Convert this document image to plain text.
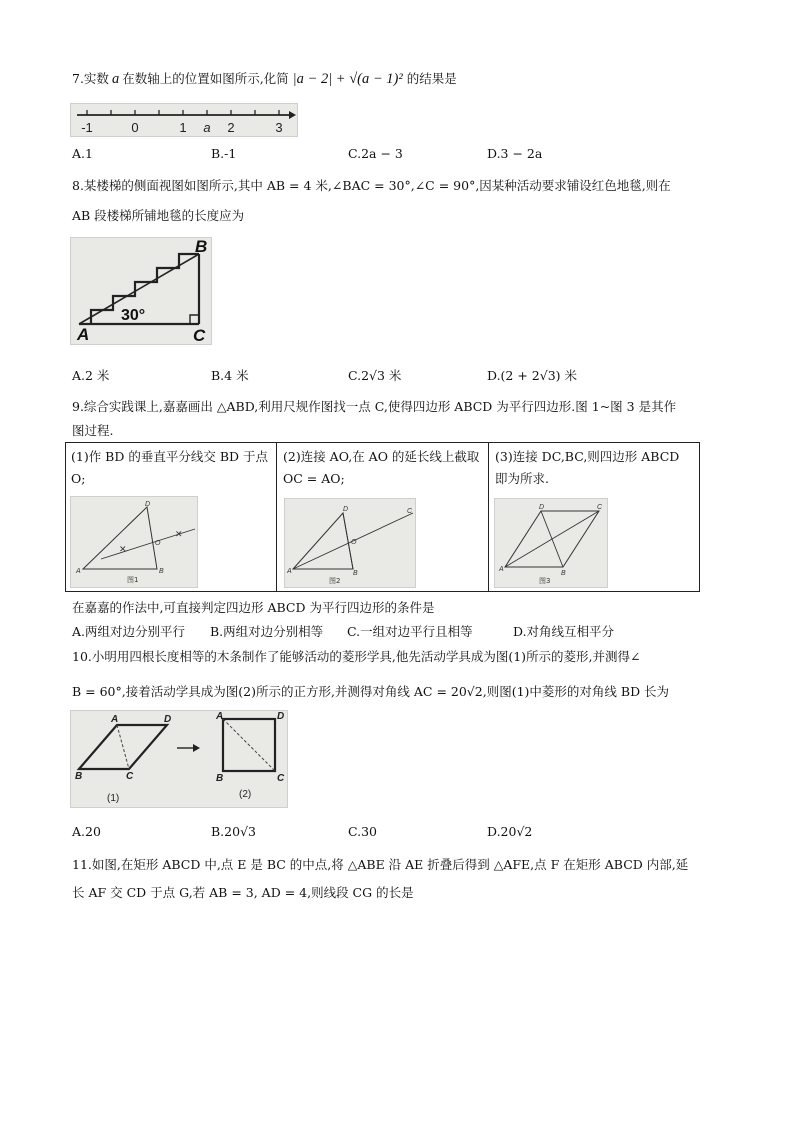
7.实数 a 在数轴上的位置如图所示,化简 |a − 2| + √(a − 1)² 的结果是
-1	0	1 a 2	3
A.1	B.-1	C.2a − 3	D.3 − 2a
8.某楼梯的侧面视图如图所示,其中 AB = 4 米,∠BAC = 30°,∠C = 90°,因某种活动要求铺设红色地毯,则在
AB 段楼梯所铺地毯的长度应为
B
A	C
30°
A.2 米	B.4 米	C.2√3 米	D.(2 + 2√3) 米
9.综合实践课上,嘉嘉画出 △ABD,利用尺规作图找一点 C,使得四边形 ABCD 为平行四边形.图 1~图 3 是其作
图过程.

(1)作 BD 的垂直平分线交 BD 于点 O;

(2)连接 AO,在 AO 的延长线上截取 OC = AO;

(3)连接 DC,BC,则四边形 ABCD 即为所求.

✕
✕
D
A	B
O
图1
D	C
A	B
O
图2
D	C
A
B
图3
在嘉嘉的作法中,可直接判定四边形 ABCD 为平行四边形的条件是
A.两组对边分别平行 B.两组对边分别相等 C.一组对边平行且相等	D.对角线互相平分
10.小明用四根长度相等的木条制作了能够活动的菱形学具,他先活动学具成为图(1)所示的菱形,并测得∠
B = 60°,接着活动学具成为图(2)所示的正方形,并测得对角线 AC = 20√2,则图(1)中菱形的对角线 BD 长为
A	D
B	C
A	D
B	C
(1)	(2)
A.20	B.20√3	C.30	D.20√2
11.如图,在矩形 ABCD 中,点 E 是 BC 的中点,将 △ABE 沿 AE 折叠后得到 △AFE,点 F 在矩形 ABCD 内部,延
长 AF 交 CD 于点 G,若 AB = 3, AD = 4,则线段 CG 的长是
